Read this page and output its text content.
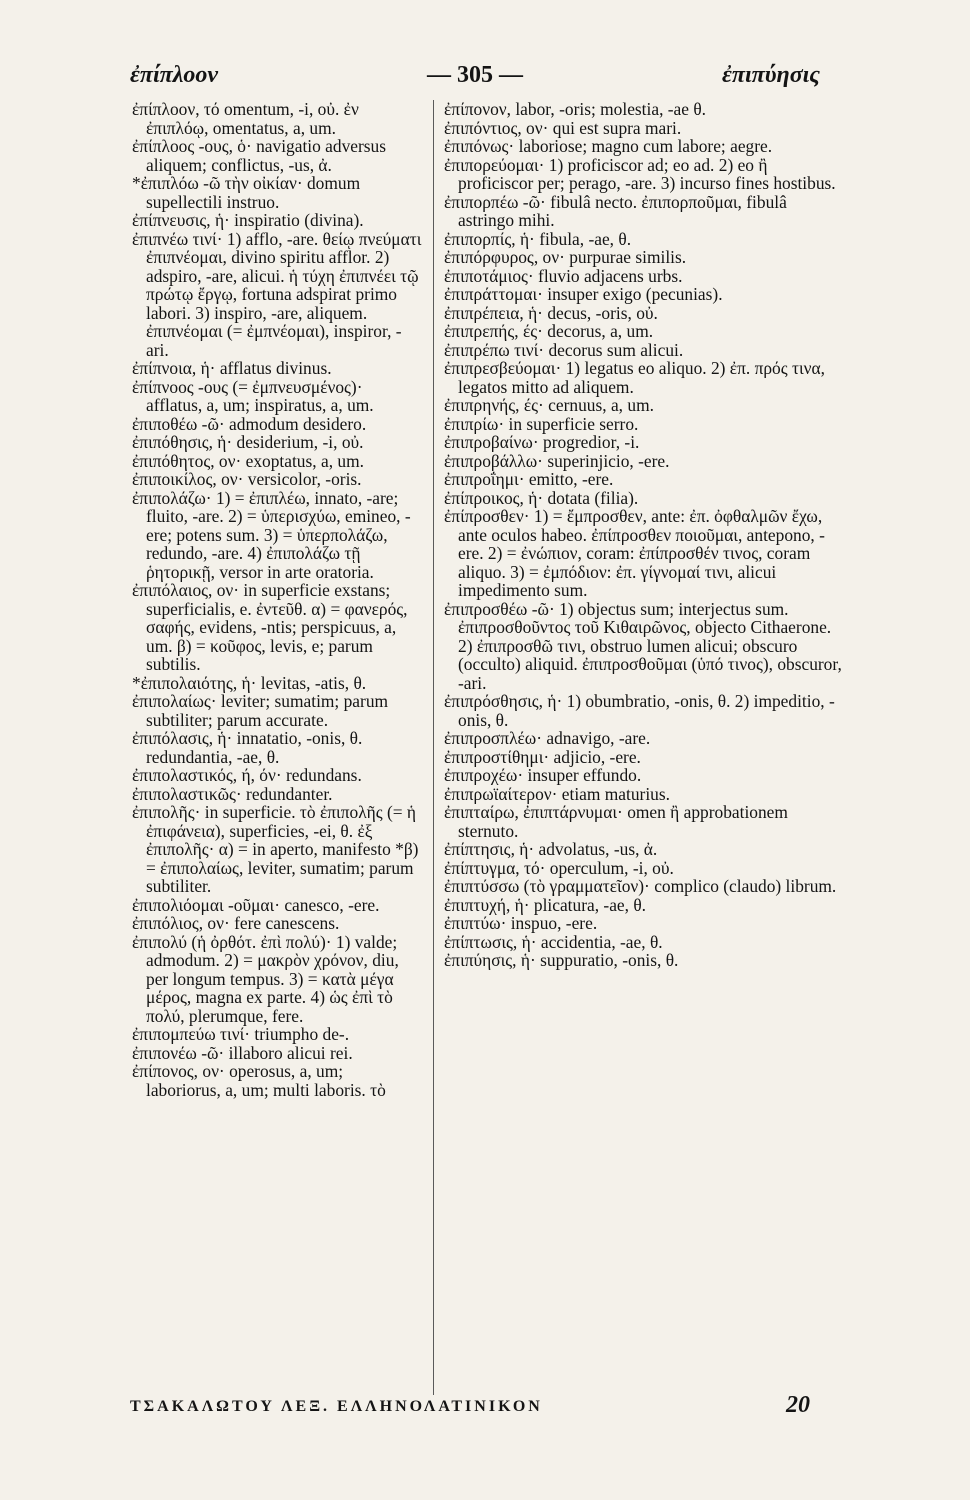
ἐπίπλοον	— 305 —	ἐπιπύησις

ἐπίπλοον, τό omentum, -i, οὐ. ἐν ἐπιπλόῳ, omentatus, a, um.

ἐπίπλοος -ους, ὁ· navigatio adversus aliquem; conflictus, -us, ἀ.

*ἐπιπλόω -ῶ τὴν οἰκίαν· domum supellectili instruo.

ἐπίπνευσις, ἡ· inspiratio (divina).

ἐπιπνέω τινί· 1) afflo, -are. θείῳ πνεύματι ἐπιπνέομαι, divino spiritu afflor. 2) adspiro, -are, alicui. ἡ τύχη ἐπιπνέει τῷ πρώτῳ ἔργῳ, fortuna adspirat primo labori. 3) inspiro, -are, aliquem. ἐπιπνέομαι (= ἐμπνέομαι), inspiror, -ari.

ἐπίπνοια, ἡ· afflatus divinus.

ἐπίπνοος -ους (= ἐμπνευσμένος)· afflatus, a, um; inspiratus, a, um.

ἐπιποθέω -ῶ· admodum desidero.

ἐπιπόθησις, ἡ· desiderium, -i, οὐ.

ἐπιπόθητος, ον· exoptatus, a, um.

ἐπιποικίλος, ον· versicolor, -oris.

ἐπιπολάζω· 1) = ἐπιπλέω, innato, -are; fluito, -are. 2) = ὑπερισχύω, emineo, -ere; potens sum. 3) = ὑπερπολάζω, redundo, -are. 4) ἐπιπολάζω τῇ ῥητορικῇ, versor in arte oratoria.

ἐπιπόλαιος, ον· in superficie exstans; superficialis, e. ἐντεῦθ. α) = φανερός, σαφής, evidens, -ntis; perspicuus, a, um. β) = κοῦφος, levis, e; parum subtilis.

*ἐπιπολαιότης, ἡ· levitas, -atis, θ.

ἐπιπολαίως· leviter; sumatim; parum subtiliter; parum accurate.

ἐπιπόλασις, ἡ· innatatio, -onis, θ. redundantia, -ae, θ.

ἐπιπολαστικός, ή, όν· redundans.

ἐπιπολαστικῶς· redundanter.

ἐπιπολῆς· in superficie. τὸ ἐπιπολῆς (= ἡ ἐπιφάνεια), superficies, -ei, θ. ἐξ ἐπιπολῆς· α) = in aperto, manifesto *β) = ἐπιπολαίως, leviter, sumatim; parum subtiliter.

ἐπιπολιόομαι -οῦμαι· canesco, -ere.

ἐπιπόλιος, ον· fere canescens.

ἐπιπολύ (ἡ ὀρθότ. ἐπὶ πολύ)· 1) valde; admodum. 2) = μακρὸν χρόνον, diu, per longum tempus. 3) = κατὰ μέγα μέρος, magna ex parte. 4) ὡς ἐπὶ τὸ πολύ, plerumque, fere.

ἐπιπομπεύω τινί· triumpho de-.

ἐπιπονέω -ῶ· illaboro alicui rei.

ἐπίπονος, ον· operosus, a, um; laboriorus, a, um; multi laboris. τὸ

ἐπίπονον, labor, -oris; molestia, -ae θ.

ἐπιπόντιος, ον· qui est supra mari.

ἐπιπόνως· laboriose; magno cum labore; aegre.

ἐπιπορεύομαι· 1) proficiscor ad; eo ad. 2) eo ἢ proficiscor per; perago, -are. 3) incurso fines hostibus.

ἐπιπορπέω -ῶ· fibulâ necto. ἐπιπορποῦμαι, fibulâ astringo mihi.

ἐπιπορπίς, ἡ· fibula, -ae, θ.

ἐπιπόρφυρος, ον· purpurae similis.

ἐπιποτάμιος· fluvio adjacens urbs.

ἐπιπράττομαι· insuper exigo (pecunias).

ἐπιπρέπεια, ἡ· decus, -oris, οὐ.

ἐπιπρεπής, ές· decorus, a, um.

ἐπιπρέπω τινί· decorus sum alicui.

ἐπιπρεσβεύομαι· 1) legatus eo aliquo. 2) ἐπ. πρός τινα, legatos mitto ad aliquem.

ἐπιπρηνής, ές· cernuus, a, um.

ἐπιπρίω· in superficie serro.

ἐπιπροβαίνω· progredior, -i.

ἐπιπροβάλλω· superinjicio, -ere.

ἐπιπροΐημι· emitto, -ere.

ἐπίπροικος, ἡ· dotata (filia).

ἐπίπροσθεν· 1) = ἔμπροσθεν, ante: ἐπ. ὀφθαλμῶν ἔχω, ante oculos habeo. ἐπίπροσθεν ποιοῦμαι, antepono, -ere. 2) = ἐνώπιον, coram: ἐπίπροσθέν τινος, coram aliquo. 3) = ἐμπόδιον: ἐπ. γίγνομαί τινι, alicui impedimento sum.

ἐπιπροσθέω -ῶ· 1) objectus sum; interjectus sum. ἐπιπροσθοῦντος τοῦ Κιθαιρῶνος, objecto Cithaerone. 2) ἐπιπροσθῶ τινι, obstruo lumen alicui; obscuro (occulto) aliquid. ἐπιπροσθοῦμαι (ὑπό τινος), obscuror, -ari.

ἐπιπρόσθησις, ἡ· 1) obumbratio, -onis, θ. 2) impeditio, -onis, θ.

ἐπιπροσπλέω· adnavigo, -are.

ἐπιπροστίθημι· adjicio, -ere.

ἐπιπροχέω· insuper effundo.

ἐπιπρωϊαίτερον· etiam maturius.

ἐπιπταίρω, ἐπιπτάρνυμαι· omen ἢ approbationem sternuto.

ἐπίπτησις, ἡ· advolatus, -us, ἀ.

ἐπίπτυγμα, τό· operculum, -i, οὐ.

ἐπιπτύσσω (τὸ γραμματεῖον)· complico (claudo) librum.

ἐπιπτυχή, ἡ· plicatura, -ae, θ.

ἐπιπτύω· inspuo, -ere.

ἐπίπτωσις, ἡ· accidentia, -ae, θ.

ἐπιπύησις, ἡ· suppuratio, -onis, θ.

ΤΣΑΚΑΛΩΤΟΥ ΛΕΞ. ΕΛΛΗΝΟΛΑΤΙΝΙΚΟΝ	20
